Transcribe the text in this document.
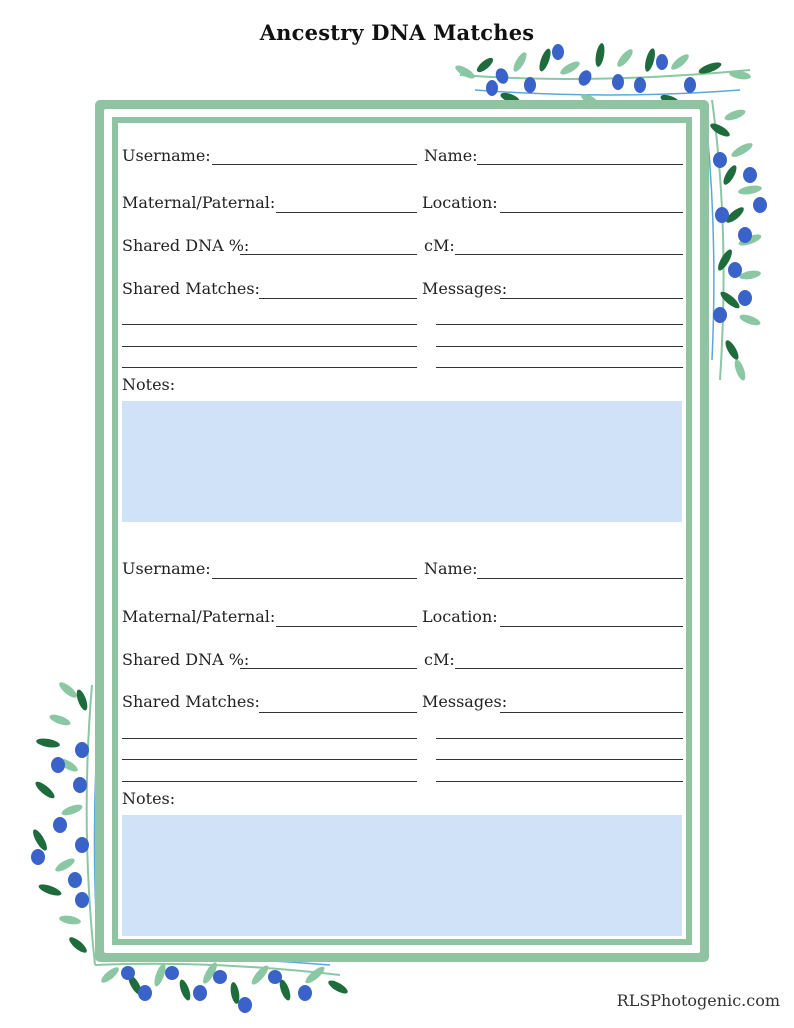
Ancestry DNA Matches
Username:	Name:
Maternal/Paternal:	Location:
Shared DNA %:	cM:
Shared Matches:	Messages:
Notes:
Username:	Name:
Maternal/Paternal:	Location:
Shared DNA %:	cM:
Shared Matches:	Messages:
Notes:
RLSPhotogenic.com
